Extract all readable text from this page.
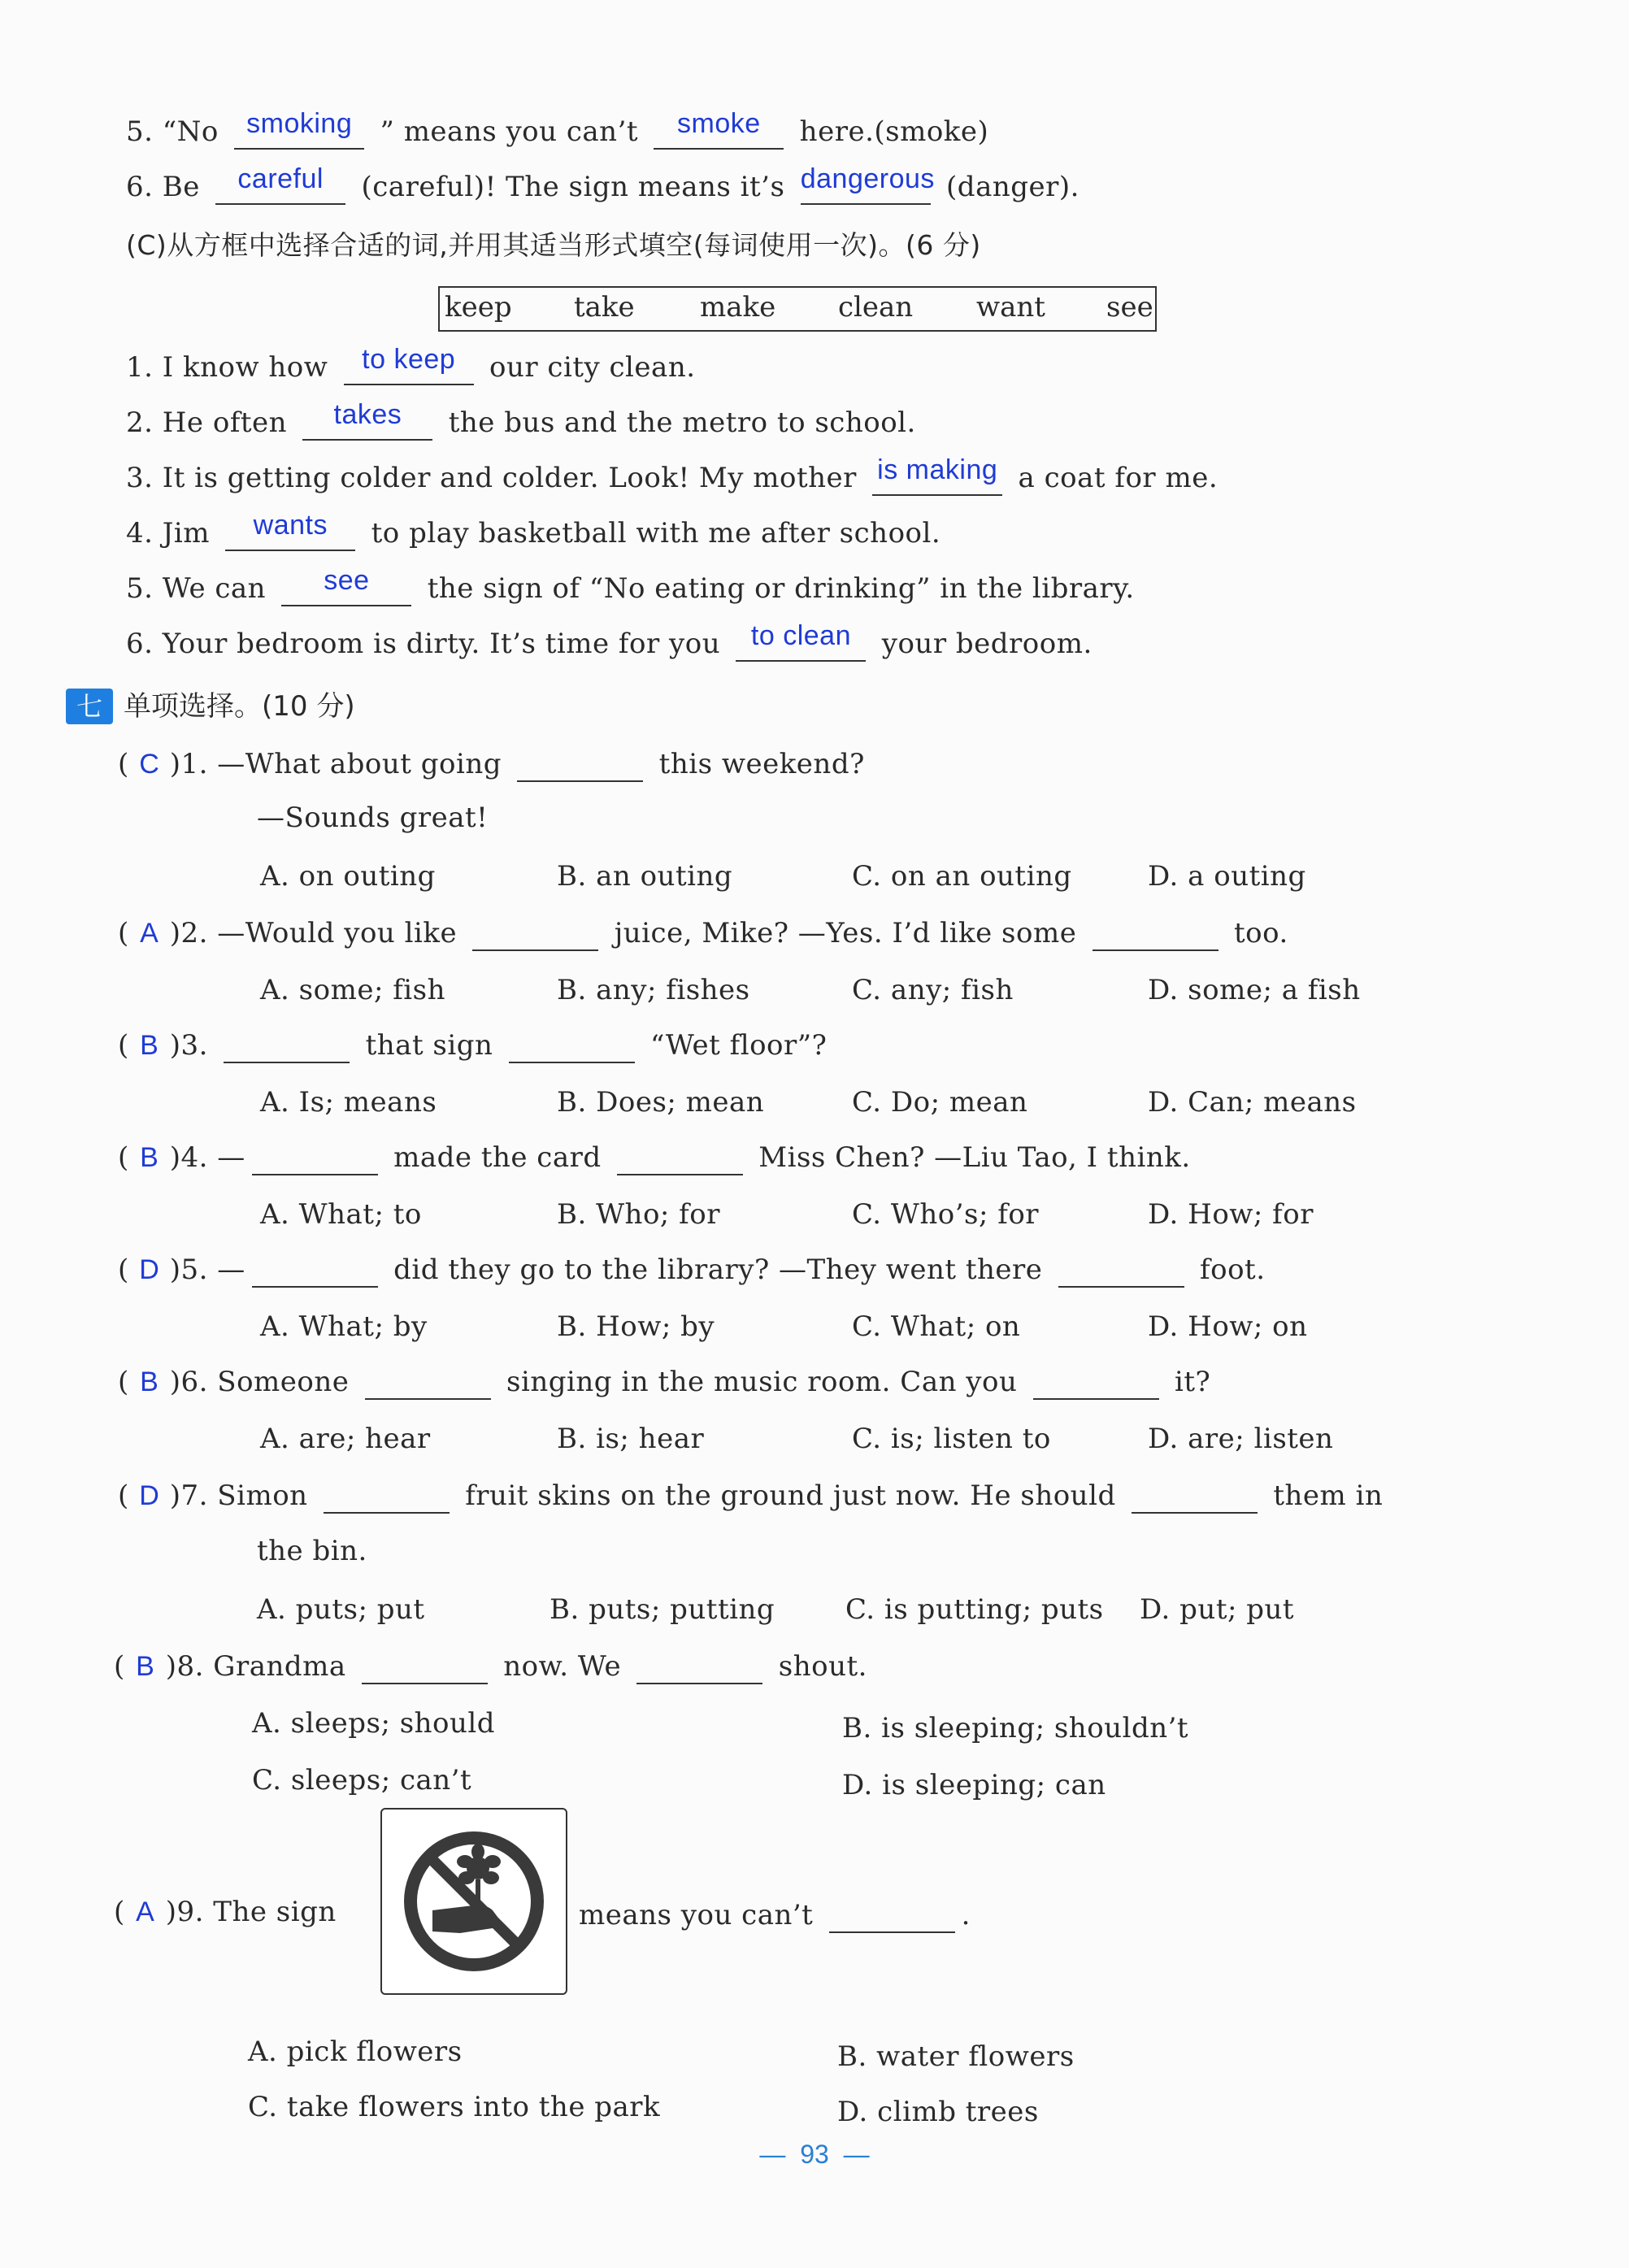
5. “No	smoking	” means you can’t	smoke	here.(smoke)
6. Be	careful	(careful)! The sign means it’s dangerous (danger).
(C)从方框中选择合适的词,并用其适当形式填空(每词使用一次)。(6 分)
keep take make clean want see
1. I know how	to keep	our city clean.
2. He often	takes	the bus and the metro to school.
3. It is getting colder and colder. Look! My mother is making a coat for me.
4. Jim	wants	to play basketball with me after school.
5. We can	see	the sign of “No eating or drinking” in the library.
6. Your bedroom is dirty. It’s time for you	to clean	your bedroom.
七 单项选择。(10 分)
( C )1. —What about going	this weekend?
—Sounds great!
A. on outing	B. an outing	C. on an outing	D. a outing
( A )2. —Would you like	juice, Mike? —Yes. I’d like some	too.
A. some; fish	B. any; fishes	C. any; fish	D. some; a fish
( B )3.	that sign	“Wet floor”?
A. Is; means	B. Does; mean	C. Do; mean	D. Can; means
( B )4. —	made the card	Miss Chen? —Liu Tao, I think.
A. What; to	B. Who; for	C. Who’s; for	D. How; for
( D )5. —	did they go to the library? —They went there	foot.
A. What; by	B. How; by	C. What; on	D. How; on
( B )6. Someone	singing in the music room. Can you	it?
A. are; hear	B. is; hear	C. is; listen to	D. are; listen
( D )7. Simon	fruit skins on the ground just now. He should	them in
the bin.
A. puts; put	B. puts; putting	C. is putting; puts D. put; put
( B )8. Grandma	now. We	shout.
A. sleeps; should	B. is sleeping; shouldn’t
C. sleeps; can’t	D. is sleeping; can
( A )9. The sign	means you can’t	.
A. pick flowers	B. water flowers
C. take flowers into the park	D. climb trees
—  93  —
